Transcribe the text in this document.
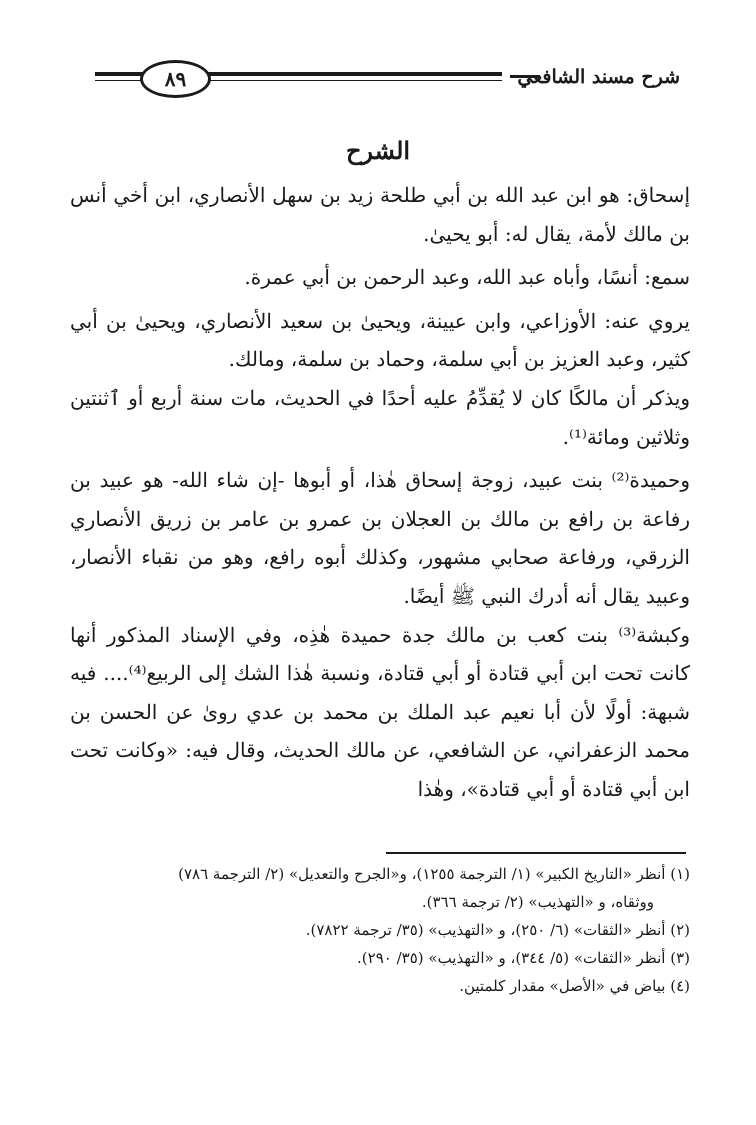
٨٩	شرح مسند الشافعي
الشرح

إسحاق: هو ابن عبد الله بن أبي طلحة زيد بن سهل الأنصاري، ابن أخي أنس بن مالك لأمة، يقال له: أبو يحيىٰ.

سمع: أنسًا، وأباه عبد الله، وعبد الرحمن بن أبي عمرة.

يروي عنه: الأوزاعي، وابن عيينة، ويحيىٰ بن سعيد الأنصاري، ويحيىٰ بن أبي كثير، وعبد العزيز بن أبي سلمة، وحماد بن سلمة، ومالك.

ويذكر أن مالكًا كان لا يُقدِّمُ عليه أحدًا في الحديث، مات سنة أربع أو ٱثنتين وثلاثين ومائة⁽¹⁾.

وحميدة⁽²⁾ بنت عبيد، زوجة إسحاق هٰذا، أو أبوها -إن شاء الله- هو عبيد بن رفاعة بن رافع بن مالك بن العجلان بن عمرو بن عامر بن زريق الأنصاري الزرقي، ورفاعة صحابي مشهور، وكذلك أبوه رافع، وهو من نقباء الأنصار، وعبيد يقال أنه أدرك النبي ﷺ أيضًا.

وكبشة⁽³⁾ بنت كعب بن مالك جدة حميدة هٰذِه، وفي الإسناد المذكور أنها كانت تحت ابن أبي قتادة أو أبي قتادة، ونسبة هٰذا الشك إلى الربيع⁽⁴⁾.... فيه شبهة: أولًا لأن أبا نعيم عبد الملك بن محمد بن عدي روىٰ عن الحسن بن محمد الزعفراني، عن الشافعي، عن مالك الحديث، وقال فيه: «وكانت تحت ابن أبي قتادة أو أبي قتادة»، وهٰذا

(١) أنظر «التاريخ الكبير» (١/ الترجمة ١٢٥٥)، و«الجرح والتعديل» (٢/ الترجمة ٧٨٦)

ووثقاه، و «التهذيب» (٢/ ترجمة ٣٦٦).

(٢) أنظر «الثقات» (٦/ ٢٥٠)، و «التهذيب» (٣٥/ ترجمة ٧٨٢٢).

(٣) أنظر «الثقات» (٥/ ٣٤٤)، و «التهذيب» (٣٥/ ٢٩٠).

(٤) بياض في «الأصل» مقدار كلمتين.
